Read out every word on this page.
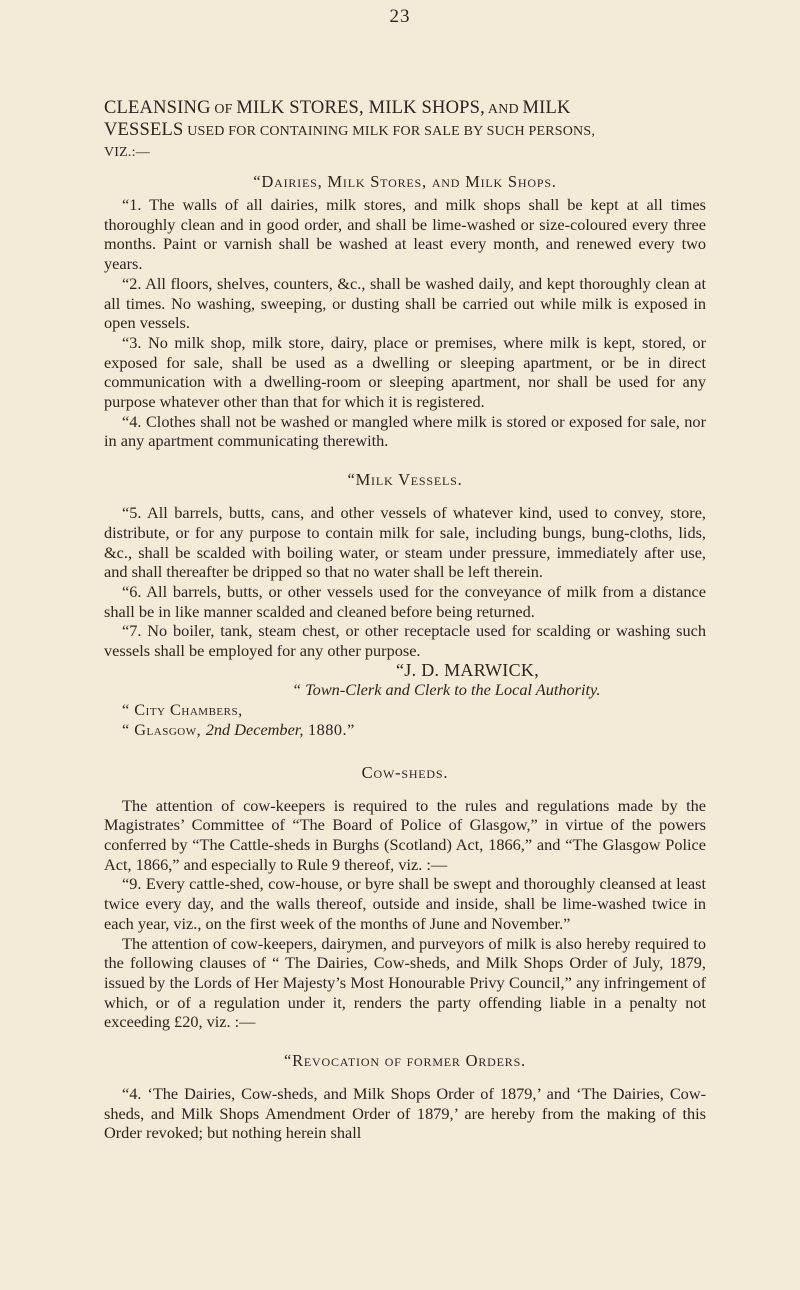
23
CLEANSING OF MILK STORES, MILK SHOPS, AND MILK
VESSELS USED FOR CONTAINING MILK FOR SALE BY SUCH PERSONS,
VIZ.:—
“Dairies, Milk Stores, and Milk Shops.

“1. The walls of all dairies, milk stores, and milk shops shall be kept at all times thoroughly clean and in good order, and shall be lime-washed or size-coloured every three months. Paint or varnish shall be washed at least every month, and renewed every two years.

“2. All floors, shelves, counters, &c., shall be washed daily, and kept thoroughly clean at all times. No washing, sweeping, or dusting shall be carried out while milk is exposed in open vessels.

“3. No milk shop, milk store, dairy, place or premises, where milk is kept, stored, or exposed for sale, shall be used as a dwelling or sleeping apartment, or be in direct communication with a dwelling-room or sleeping apartment, nor shall be used for any purpose whatever other than that for which it is registered.

“4. Clothes shall not be washed or mangled where milk is stored or exposed for sale, nor in any apartment communicating therewith.

“Milk Vessels.

“5. All barrels, butts, cans, and other vessels of whatever kind, used to convey, store, distribute, or for any purpose to contain milk for sale, including bungs, bung-cloths, lids, &c., shall be scalded with boiling water, or steam under pressure, immediately after use, and shall thereafter be dripped so that no water shall be left therein.

“6. All barrels, butts, or other vessels used for the conveyance of milk from a distance shall be in like manner scalded and cleaned before being returned.

“7. No boiler, tank, steam chest, or other receptacle used for scalding or washing such vessels shall be employed for any other purpose.

“J. D. MARWICK,
“ Town-Clerk and Clerk to the Local Authority.
“ City Chambers,
“ Glasgow, 2nd December, 1880.”
Cow-sheds.

The attention of cow-keepers is required to the rules and regulations made by the Magistrates’ Committee of “The Board of Police of Glasgow,” in virtue of the powers conferred by “The Cattle-sheds in Burghs (Scotland) Act, 1866,” and “The Glasgow Police Act, 1866,” and especially to Rule 9 thereof, viz. :—

“9. Every cattle-shed, cow-house, or byre shall be swept and thoroughly cleansed at least twice every day, and the walls thereof, outside and inside, shall be lime-washed twice in each year, viz., on the first week of the months of June and November.”

The attention of cow-keepers, dairymen, and purveyors of milk is also hereby required to the following clauses of “ The Dairies, Cow-sheds, and Milk Shops Order of July, 1879, issued by the Lords of Her Majesty’s Most Honourable Privy Council,” any infringement of which, or of a regulation under it, renders the party offending liable in a penalty not exceeding £20, viz. :—

“Revocation of former Orders.

“4. ‘The Dairies, Cow-sheds, and Milk Shops Order of 1879,’ and ‘The Dairies, Cow-sheds, and Milk Shops Amendment Order of 1879,’ are hereby from the making of this Order revoked; but nothing herein shall
